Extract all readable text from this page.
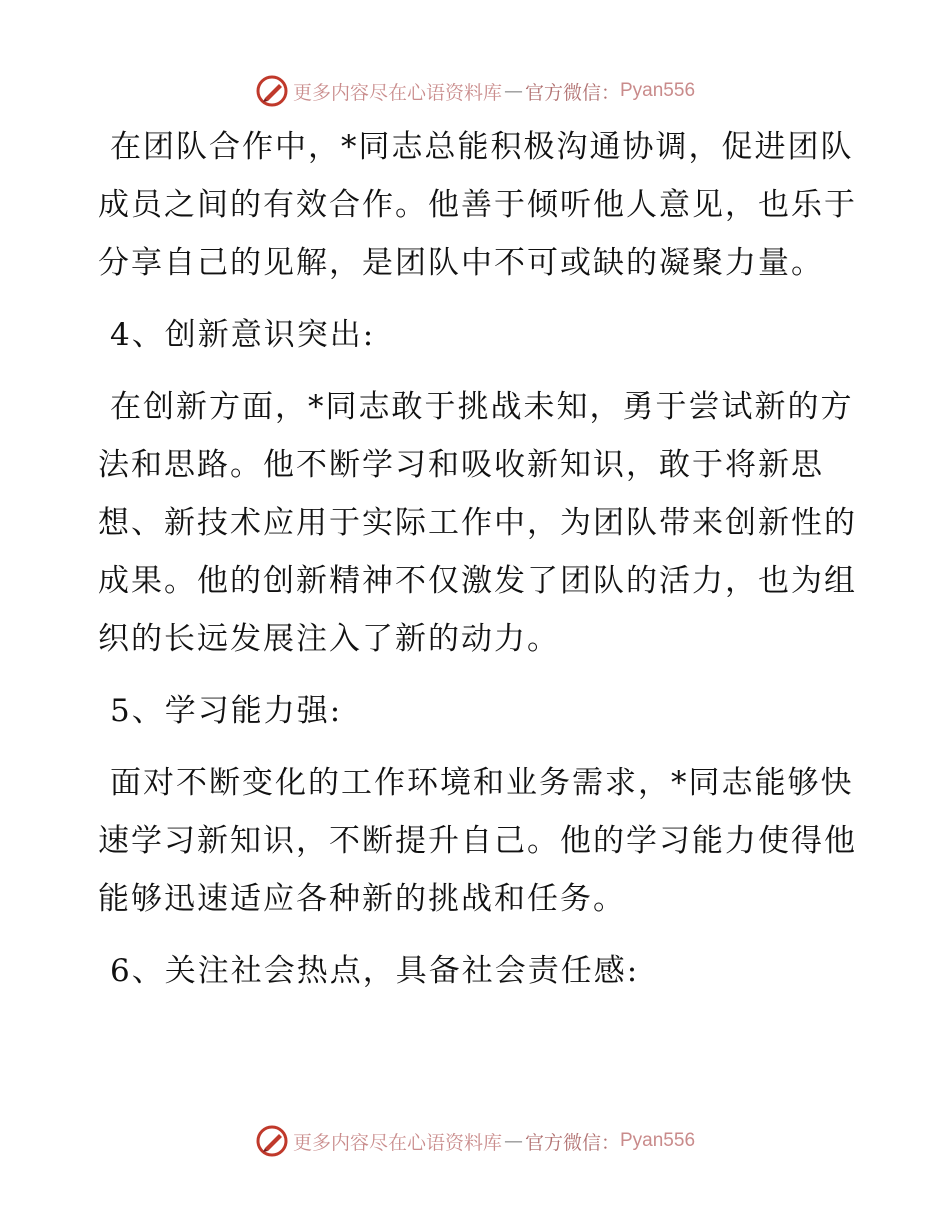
更多内容尽在心语资料库 — 官方微信： Pyan556

在团队合作中，*同志总能积极沟通协调，促进团队成员之间的有效合作。他善于倾听他人意见，也乐于分享自己的见解，是团队中不可或缺的凝聚力量。

4、创新意识突出:

在创新方面，*同志敢于挑战未知，勇于尝试新的方法和思路。他不断学习和吸收新知识，敢于将新思想、新技术应用于实际工作中，为团队带来创新性的成果。他的创新精神不仅激发了团队的活力，也为组织的长远发展注入了新的动力。

5、学习能力强:

面对不断变化的工作环境和业务需求，*同志能够快速学习新知识，不断提升自己。他的学习能力使得他能够迅速适应各种新的挑战和任务。

6、关注社会热点，具备社会责任感:

更多内容尽在心语资料库 — 官方微信： Pyan556
